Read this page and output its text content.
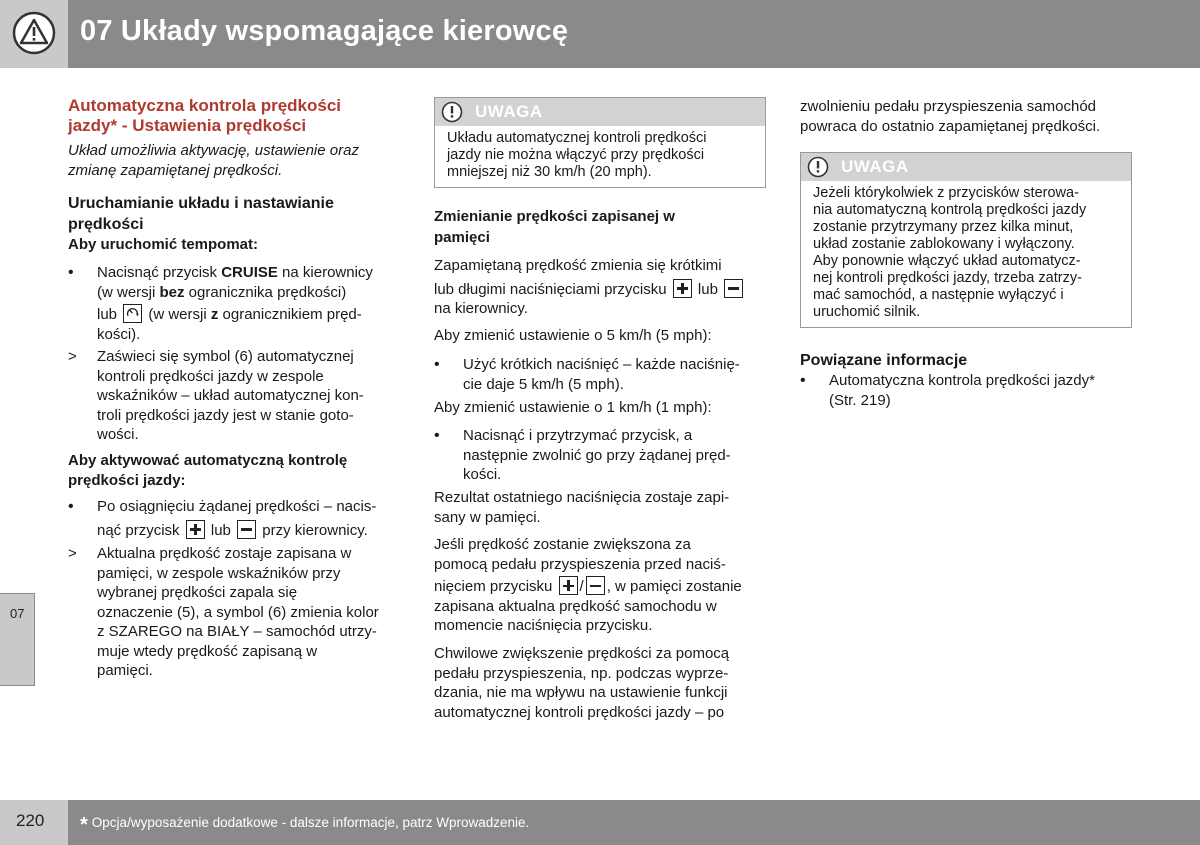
07 Układy wspomagające kierowcę
07
Automatyczna kontrola prędkości
jazdy* - Ustawienia prędkości
Układ umożliwia aktywację, ustawienie oraz
zmianę zapamiętanej prędkości.
Uruchamianie układu i nastawianie
prędkości
Aby uruchomić tempomat:
•	Nacisnąć przycisk CRUISE na kierownicy
(w wersji bez ogranicznika prędkości)
lub  (w wersji z ogranicznikiem pręd-
kości).
>	Zaświeci się symbol (6) automatycznej
kontroli prędkości jazdy w zespole
wskaźników – układ automatycznej kon-
troli prędkości jazdy jest w stanie goto-
wości.
Aby aktywować automatyczną kontrolę
prędkości jazdy:
•	Po osiągnięciu żądanej prędkości – nacis-
nąć przycisk  lub  przy kierownicy.
>	Aktualna prędkość zostaje zapisana w
pamięci, w zespole wskaźników przy
wybranej prędkości zapala się
oznaczenie (5), a symbol (6) zmienia kolor
z SZAREGO na BIAŁY – samochód utrzy-
muje wtedy prędkość zapisaną w
pamięci.
UWAGA
Układu automatycznej kontroli prędkości
jazdy nie można włączyć przy prędkości
mniejszej niż 30 km/h (20 mph).
Zmienianie prędkości zapisanej w
pamięci
Zapamiętaną prędkość zmienia się krótkimi
lub długimi naciśnięciami przycisku  lub
na kierownicy.
Aby zmienić ustawienie o 5 km/h (5 mph):
•	Użyć krótkich naciśnięć – każde naciśnię-
cie daje 5 km/h (5 mph).
Aby zmienić ustawienie o 1 km/h (1 mph):
•	Nacisnąć i przytrzymać przycisk, a
następnie zwolnić go przy żądanej pręd-
kości.
Rezultat ostatniego naciśnięcia zostaje zapi-
sany w pamięci.
Jeśli prędkość zostanie zwiększona za
pomocą pedału przyspieszenia przed naciś-
nięciem przycisku / , w pamięci zostanie
zapisana aktualna prędkość samochodu w
momencie naciśnięcia przycisku.
Chwilowe zwiększenie prędkości za pomocą
pedału przyspieszenia, np. podczas wyprze-
dzania, nie ma wpływu na ustawienie funkcji
automatycznej kontroli prędkości jazdy – po
zwolnieniu pedału przyspieszenia samochód
powraca do ostatnio zapamiętanej prędkości.
UWAGA
Jeżeli którykolwiek z przycisków sterowa-
nia automatyczną kontrolą prędkości jazdy
zostanie przytrzymany przez kilka minut,
układ zostanie zablokowany i wyłączony.
Aby ponownie włączyć układ automatycz-
nej kontroli prędkości jazdy, trzeba zatrzy-
mać samochód, a następnie wyłączyć i
uruchomić silnik.
Powiązane informacje
•	Automatyczna kontrola prędkości jazdy*
(Str. 219)
220 * Opcja/wyposażenie dodatkowe - dalsze informacje, patrz Wprowadzenie.
